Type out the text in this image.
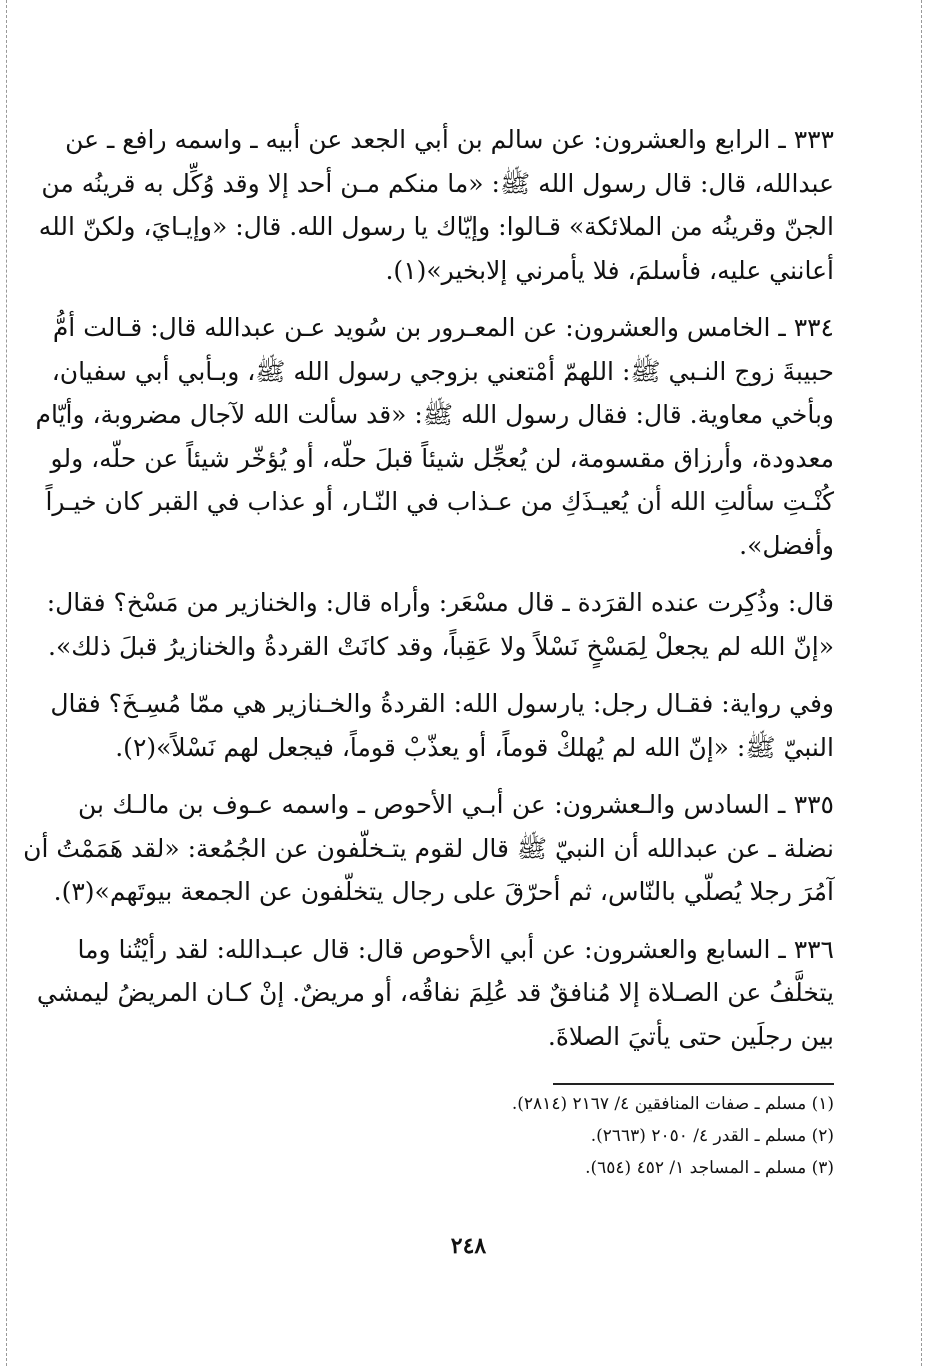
٣٣٣ ـ الرابع والعشرون: عن سالم بن أبي الجعد عن أبيه ـ واسمه رافع ـ عن
عبدالله، قال: قال رسول الله ﷺ: «ما منكم مـن أحد إلا وقد وُكِّل به قرينُه من
الجنّ وقرينُه من الملائكة» قـالوا: وإيّاك يا رسول الله. قال: «وإيـايَ، ولكنّ الله
أعانني عليه، فأسلمَ، فلا يأمرني إلابخير»(١).
٣٣٤ ـ الخامس والعشرون: عن المعـرور بن سُويد عـن عبدالله قال: قـالت أمُّ
حبيبةَ زوج النـبي ﷺ: اللهمّ أمْتعني بزوجي رسول الله ﷺ، وبـأبي أبي سفيان،
وبأخي معاوية. قال: فقال رسول الله ﷺ: «قد سألت الله لآجال مضروبة، وأيّام
معدودة، وأرزاق مقسومة، لن يُعجِّل شيئاً قبلَ حلّه، أو يُؤخّر شيئاً عن حلّه، ولو
كُنْـتِ سألتِ الله أن يُعيـذَكِ من عـذاب في النّـار، أو عذاب في القبر كان خيـراً
وأفضل».
قال: وذُكِرت عنده القرَدة ـ قال مسْعَر: وأراه قال: والخنازير من مَسْخ؟ فقال:
«إنّ الله لم يجعلْ لِمَسْخٍ نَسْلاً ولا عَقِباً، وقد كانَتْ القردةُ والخنازيرُ قبلَ ذلك».
وفي رواية: فقـال رجل: يارسول الله: القردةُ والخـنازير هي ممّا مُسِـخَ؟ فقال
النبيّ ﷺ: «إنّ الله لم يُهلكْ قوماً، أو يعذّبْ قوماً، فيجعل لهم نَسْلاً»(٢).
٣٣٥ ـ السادس والـعشرون: عن أبـي الأحوص ـ واسمه عـوف بن مالـك بن
نضلة ـ عن عبدالله أن النبيّ ﷺ قال لقوم يتـخلّفون عن الجُمُعة: «لقد هَمَمْتُ أن
آمُرَ رجلا يُصلّي بالنّاس، ثم أحرّقَ على رجال يتخلّفون عن الجمعة بيوتَهم»(٣).
٣٣٦ ـ السابع والعشرون: عن أبي الأحوص قال: قال عبـدالله: لقد رأيْتُنا وما
يتخلَّفُ عن الصـلاة إلا مُنافقٌ قد عُلِمَ نفاقُه، أو مريضٌ. إنْ كـان المريضُ ليمشي
بين رجلَين حتى يأتيَ الصلاةَ.
(١) مسلم ـ صفات المنافقين ٤/ ٢١٦٧ (٢٨١٤).
(٢) مسلم ـ القدر ٤/ ٢٠٥٠ (٢٦٦٣).
(٣) مسلم ـ المساجد ١/ ٤٥٢ (٦٥٤).
٢٤٨
